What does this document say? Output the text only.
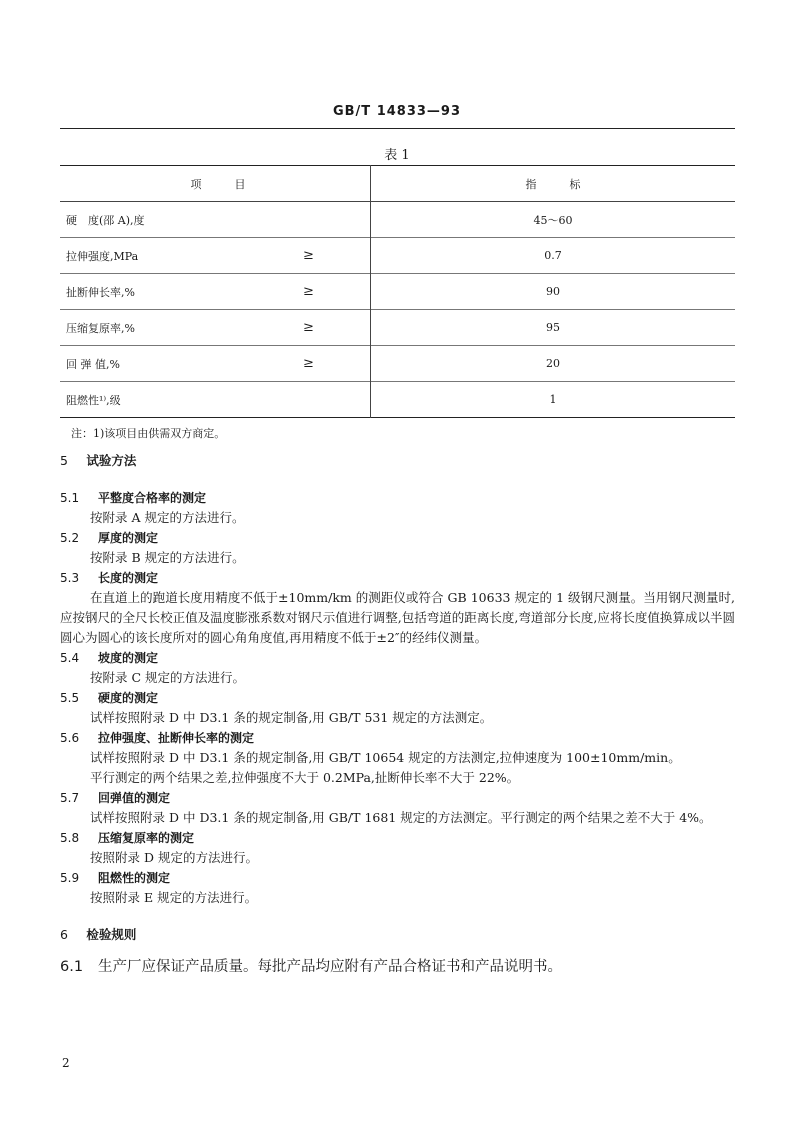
GB/T 14833—93
表 1
项　　　目		指　　　标
硬　度(邵 A),度		45～60
拉伸强度,MPa	≥	0.7
扯断伸长率,%	≥	90
压缩复原率,%	≥	95
回 弹 值,%	≥	20
阻燃性¹⁾,级		1
注：1)该项目由供需双方商定。

5 试验方法

5.1 平整度合格率的测定

按附录 A 规定的方法进行。

5.2 厚度的测定

按附录 B 规定的方法进行。

5.3 长度的测定

在直道上的跑道长度用精度不低于±10mm/km 的测距仪或符合 GB 10633 规定的 1 级钢尺测量。当用钢尺测量时,应按钢尺的全尺长校正值及温度膨涨系数对钢尺示值进行调整,包括弯道的距离长度,弯道部分长度,应将长度值换算成以半圆圆心为圆心的该长度所对的圆心角角度值,再用精度不低于±2″的经纬仪测量。

5.4 坡度的测定

按附录 C 规定的方法进行。

5.5 硬度的测定

试样按照附录 D 中 D3.1 条的规定制备,用 GB/T 531 规定的方法测定。

5.6 拉伸强度、扯断伸长率的测定

试样按照附录 D 中 D3.1 条的规定制备,用 GB/T 10654 规定的方法测定,拉伸速度为 100±10mm/min。

平行测定的两个结果之差,拉伸强度不大于 0.2MPa,扯断伸长率不大于 22%。

5.7 回弹值的测定

试样按照附录 D 中 D3.1 条的规定制备,用 GB/T 1681 规定的方法测定。平行测定的两个结果之差不大于 4%。

5.8 压缩复原率的测定

按照附录 D 规定的方法进行。

5.9 阻燃性的测定

按照附录 E 规定的方法进行。

6 检验规则

6.1 生产厂应保证产品质量。每批产品均应附有产品合格证书和产品说明书。

2
